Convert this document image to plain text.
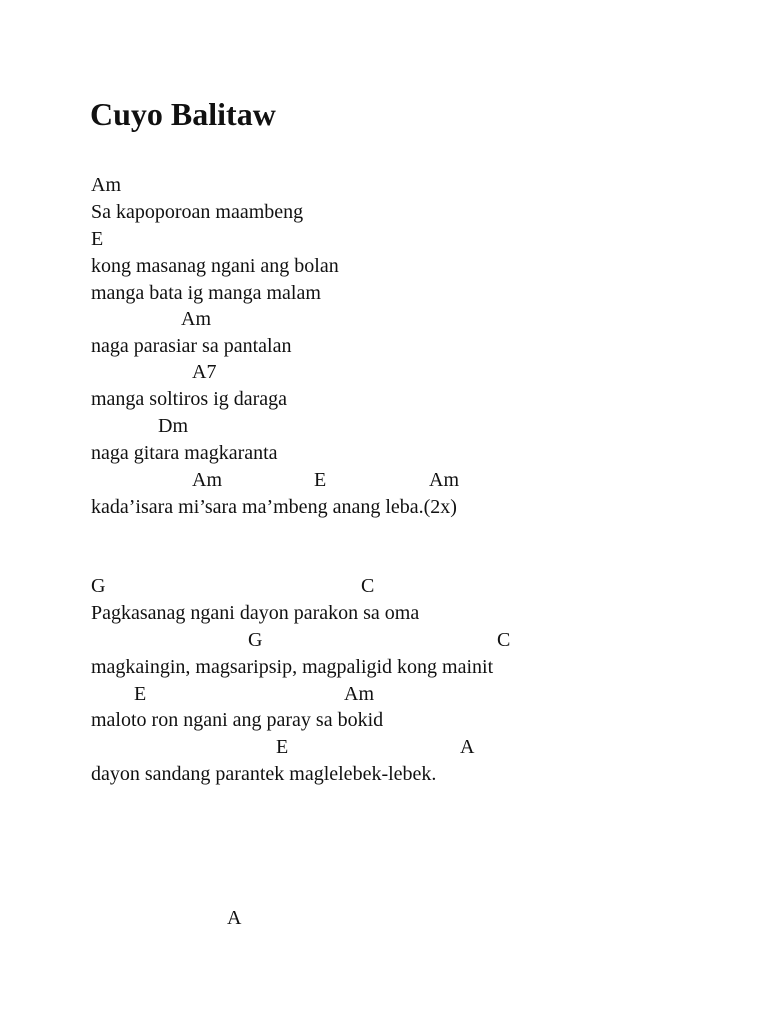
Cuyo Balitaw
Am
Sa kapoporoan maambeng
E
kong masanag ngani ang bolan
manga bata ig manga malam
Am
naga parasiar sa pantalan
A7
manga soltiros ig daraga
Dm
naga gitara magkaranta
Am	E	Am
kada’isara mi’sara ma’mbeng anang leba.(2x)
G	C
Pagkasanag ngani dayon parakon sa oma
G	C
magkaingin, magsaripsip, magpaligid kong mainit
E	Am
maloto ron ngani ang paray sa bokid
E	A
dayon sandang parantek maglelebek-lebek.
A
